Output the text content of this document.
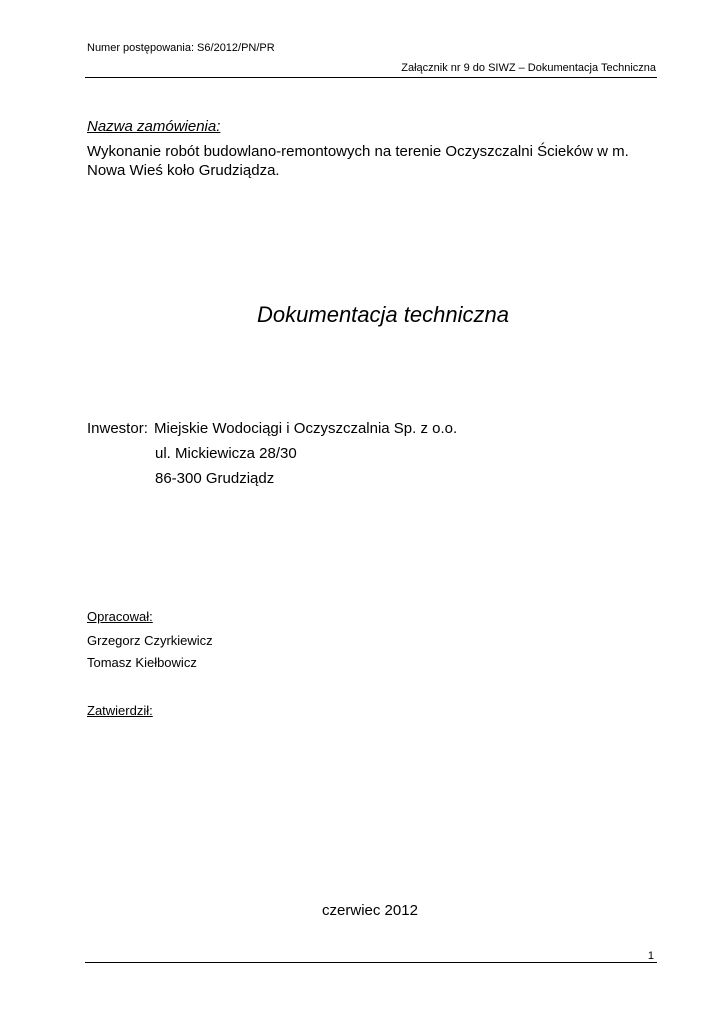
Numer postępowania: S6/2012/PN/PR
Załącznik nr 9 do SIWZ – Dokumentacja Techniczna
Nazwa zamówienia:
Wykonanie robót budowlano-remontowych na terenie Oczyszczalni Ścieków w m. Nowa Wieś koło Grudziądza.
Dokumentacja techniczna
Inwestor: Miejskie Wodociągi i Oczyszczalnia Sp. z o.o.
ul. Mickiewicza 28/30
86-300 Grudziądz
Opracował:
Grzegorz Czyrkiewicz
Tomasz Kiełbowicz
Zatwierdził:
czerwiec 2012
1
